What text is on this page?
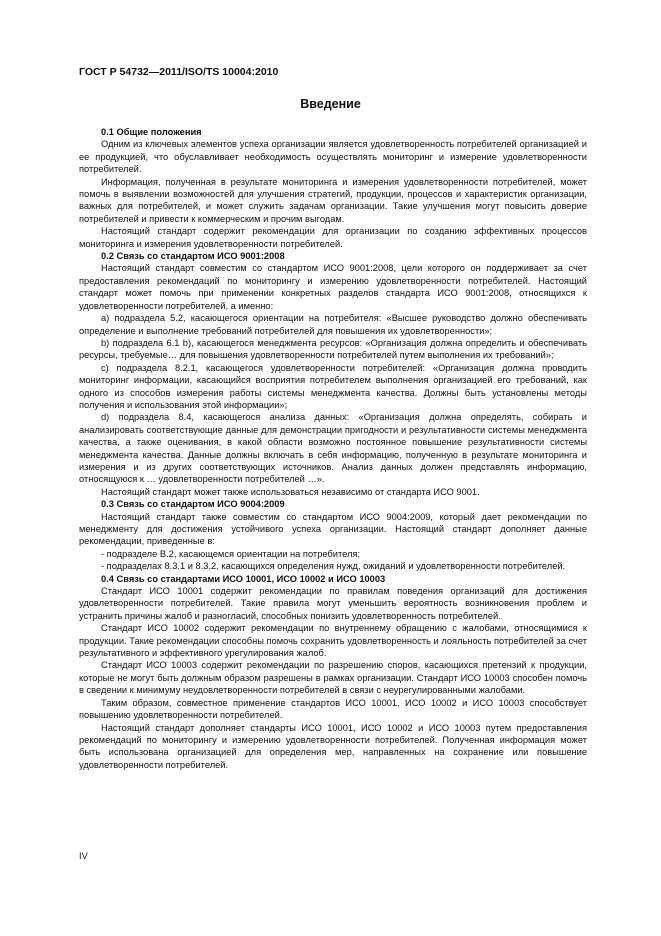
ГОСТ Р 54732—2011/ISO/TS 10004:2010
Введение
0.1 Общие положения

Одним из ключевых элементов успеха организации является удовлетворенность потребителей организацией и ее продукцией, что обуславливает необходимость осуществлять мониторинг и измерение удовлетворенности потребителей.

Информация, полученная в результате мониторинга и измерения удовлетворенности потребителей, может помочь в выявлении возможностей для улучшения стратегий, продукции, процессов и характеристик организации, важных для потребителей, и может служить задачам организации. Такие улучшения могут повысить доверие потребителей и привести к коммерческим и прочим выгодам.

Настоящий стандарт содержит рекомендации для организации по созданию эффективных процессов мониторинга и измерения удовлетворенности потребителей.

0.2 Связь со стандартом ИСО 9001:2008

Настоящий стандарт совместим со стандартом ИСО 9001:2008, цели которого он поддерживает за счет предоставления рекомендаций по мониторингу и измерению удовлетворенности потребителей. Настоящий стандарт может помочь при применении конкретных разделов стандарта ИСО 9001:2008, относящихся к удовлетворенности потребителей, а именно:

a) подраздела 5.2, касающегося ориентации на потребителя: «Высшее руководство должно обеспечивать определение и выполнение требований потребителей для повышения их удовлетворенности»;

b) подраздела 6.1 b), касающегося менеджмента ресурсов: «Организация должна определить и обеспечивать ресурсы, требуемые… для повышения удовлетворенности потребителей путем выполнения их требований»;

c) подраздела 8.2.1, касающегося удовлетворенности потребителей: «Организация должна проводить мониторинг информации, касающийся восприятия потребителем выполнения организацией его требований, как одного из способов измерения работы системы менеджмента качества. Должны быть установлены методы получения и использования этой информации»;

d) подраздела 8.4, касающегося анализа данных: «Организация должна определять, собирать и анализировать соответствующие данные для демонстрации пригодности и результативности системы менеджмента качества, а также оценивания, в какой области возможно постоянное повышение результативности системы менеджмента качества. Данные должны включать в себя информацию, полученную в результате мониторинга и измерения и из других соответствующих источников. Анализ данных должен представлять информацию, относящуюся к … удовлетворенности потребителей …».

Настоящий стандарт может также использоваться независимо от стандарта ИСО 9001.

0.3 Связь со стандартом ИСО 9004:2009

Настоящий стандарт также совместим со стандартом ИСО 9004:2009, который дает рекомендации по менеджменту для достижения устойчивого успеха организации. Настоящий стандарт дополняет данные рекомендации, приведенные в:

- подразделе В.2, касающемся ориентации на потребителя;

- подразделах 8.3.1 и 8.3.2, касающихся определения нужд, ожиданий и удовлетворенности потребителей.

0.4 Связь со стандартами ИСО 10001, ИСО 10002 и ИСО 10003

Стандарт ИСО 10001 содержит рекомендации по правилам поведения организаций для достижения удовлетворенности потребителей. Такие правила могут уменьшить вероятность возникновения проблем и устранить причины жалоб и разногласий, способных понизить удовлетворенность потребителей.

Стандарт ИСО 10002 содержит рекомендации по внутреннему обращению с жалобами, относящимися к продукции. Такие рекомендации способны помочь сохранить удовлетворенность и лояльность потребителей за счет результативного и эффективного урегулирования жалоб.

Стандарт ИСО 10003 содержит рекомендации по разрешению споров, касающихся претензий к продукции, которые не могут быть должным образом разрешены в рамках организации. Стандарт ИСО 10003 способен помочь в сведении к минимуму неудовлетворенности потребителей в связи с неурегулированными жалобами.

Таким образом, совместное применение стандартов ИСО 10001, ИСО 10002 и ИСО 10003 способствует повышению удовлетворенности потребителей.

Настоящий стандарт дополняет стандарты ИСО 10001, ИСО 10002 и ИСО 10003 путем предоставления рекомендаций по мониторингу и измерению удовлетворенности потребителей. Полученная информация может быть использована организацией для определения мер, направленных на сохранение или повышение удовлетворенности потребителей.

IV
